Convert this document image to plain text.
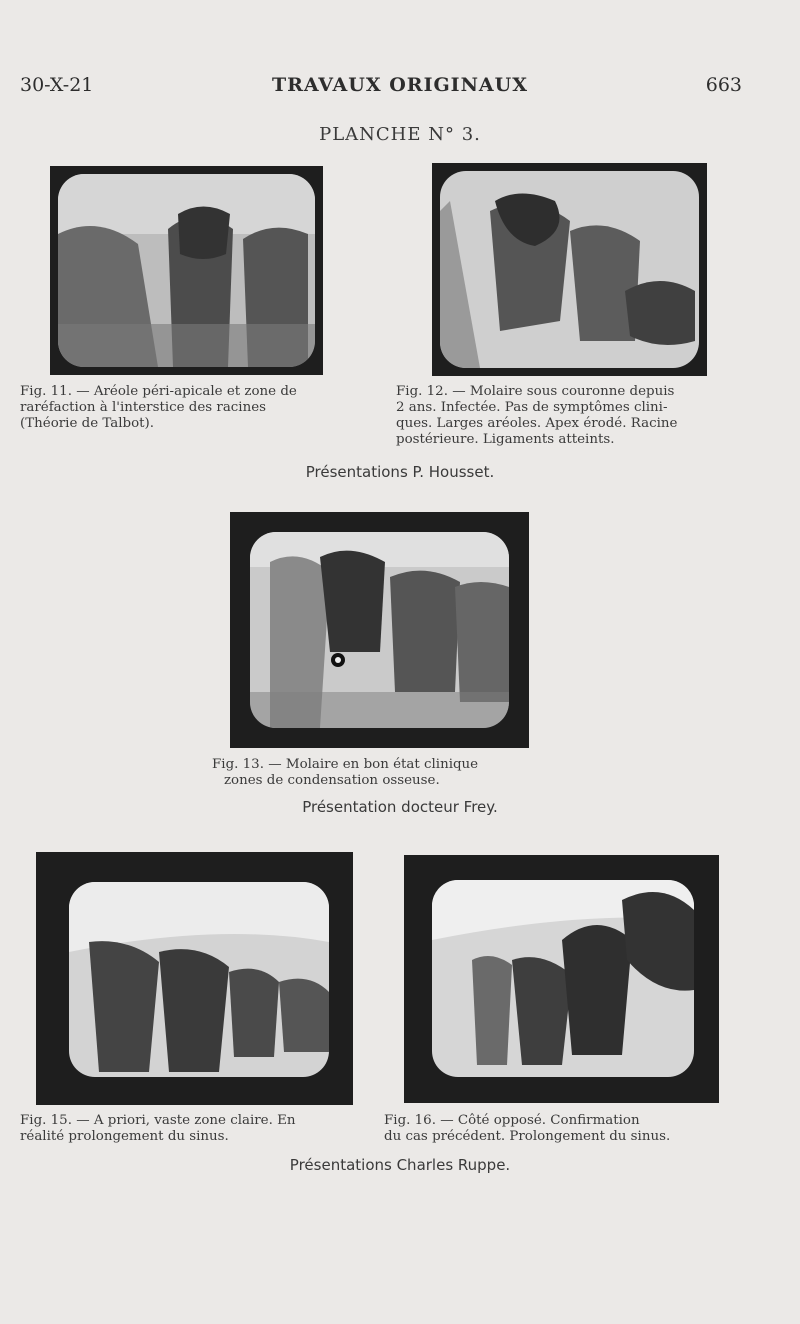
30-X-21	TRAVAUX ORIGINAUX	663
PLANCHE N° 3.
Fig. 11. — Aréole péri-apicale et zone de
raréfaction à l'interstice des racines
(Théorie de Talbot).
Fig. 12. — Molaire sous couronne depuis
2 ans. Infectée. Pas de symptômes clini-
ques. Larges aréoles. Apex érodé. Racine
postérieure. Ligaments atteints.
Présentations P. Housset.
Fig. 13. — Molaire en bon état clinique
zones de condensation osseuse.
Présentation docteur Frey.
Fig. 15. — A priori, vaste zone claire. En
réalité prolongement du sinus.
Fig. 16. — Côté opposé. Confirmation
du cas précédent. Prolongement du sinus.
Présentations Charles Ruppe.
